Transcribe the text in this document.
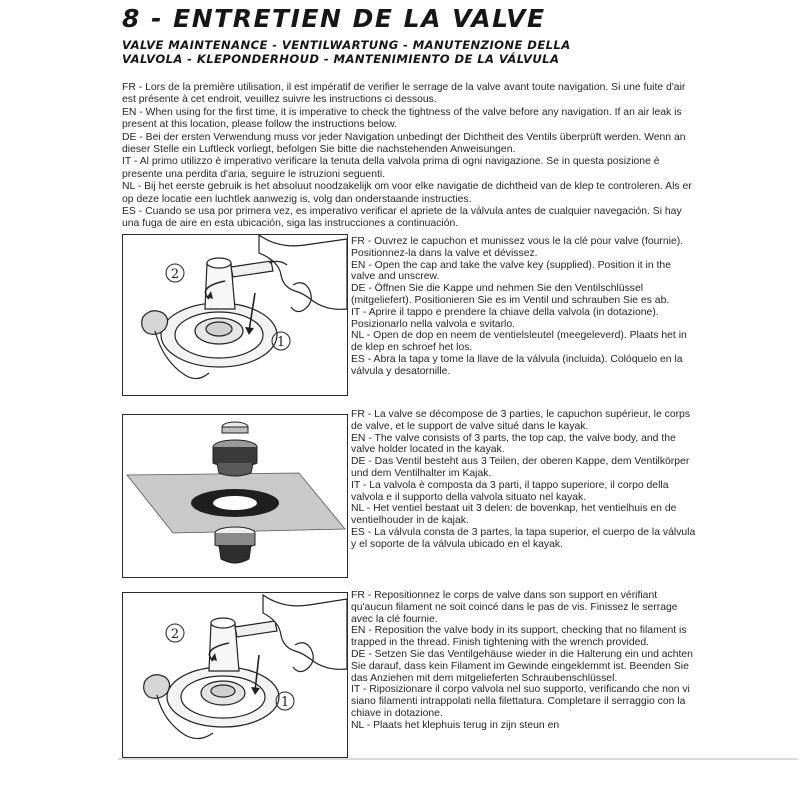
8 - ENTRETIEN DE LA VALVE
VALVE MAINTENANCE - VENTILWARTUNG - MANUTENZIONE DELLA
VALVOLA - KLEPONDERHOUD - MANTENIMIENTO DE LA VÁLVULA

FR - Lors de la première utilisation, il est impératif de verifier le serrage de la valve avant toute navigation. Si une fuite d'air est présente à cet endroit, veuillez suivre les instructions ci dessous.

EN - When using for the first time, it is imperative to check the tightness of the valve before any navigation. If an air leak is present at this location, please follow the instructions below.

DE - Bei der ersten Verwendung muss vor jeder Navigation unbedingt der Dichtheit des Ventils überprüft werden. Wenn an dieser Stelle ein Luftleck vorliegt, befolgen Sie bitte die nachstehenden Anweisungen.

IT - Al primo utilizzo è imperativo verificare la tenuta della valvola prima di ogni navigazione. Se in questa posizione è presente una perdita d'aria, seguire le istruzioni seguenti.

NL - Bij het eerste gebruik is het absoluut noodzakelijk om voor elke navigatie de dichtheid van de klep te controleren. Als er op deze locatie een luchtlek aanwezig is, volg dan onderstaande instructies.

ES - Cuando se usa por primera vez, es imperativo verificar el apriete de la válvula antes de cualquier navegación. Si hay una fuga de aire en esta ubicación, siga las instrucciones a continuación.

2
1

FR - Ouvrez le capuchon et munissez vous le la clé pour valve (fournie). Positionnez-la dans la valve et dévissez.

EN - Open the cap and take the valve key (supplied). Position it in the valve and unscrew.

DE - Öffnen Sie die Kappe und nehmen Sie den Ventilschlüssel (mitgeliefert). Positionieren Sie es im Ventil und schrauben Sie es ab.

IT - Aprire il tappo e prendere la chiave della valvola (in dotazione). Posizionarlo nella valvola e svitarlo.

NL - Open de dop en neem de ventielsleutel (meegeleverd). Plaats het in de klep en schroef het los.

ES - Abra la tapa y tome la llave de la válvula (incluida). Colóquelo en la válvula y desatornille.

FR - La valve se décompose de 3 parties, le capuchon supérieur, le corps de valve, et le support de valve situé dans le kayak.

EN - The valve consists of 3 parts, the top cap, the valve body, and the valve holder located in the kayak.

DE - Das Ventil besteht aus 3 Teilen, der oberen Kappe, dem Ventilkörper und dem Ventilhalter im Kajak.

IT - La valvola è composta da 3 parti, il tappo superiore, il corpo della valvola e il supporto della valvola situato nel kayak.

NL - Het ventiel bestaat uit 3 delen: de bovenkap, het ventielhuis en de ventielhouder in de kajak.

ES - La válvula consta de 3 partes, la tapa superior, el cuerpo de la válvula y el soporte de la válvula ubicado en el kayak.

2
1

FR - Repositionnez le corps de valve dans son support en vérifiant qu'aucun filament ne soit coincé dans le pas de vis. Finissez le serrage avec la clé fournie.

EN - Reposition the valve body in its support, checking that no filament is trapped in the thread. Finish tightening with the wrench provided.

DE - Setzen Sie das Ventilgehäuse wieder in die Halterung ein und achten Sie darauf, dass kein Filament im Gewinde eingeklemmt ist. Beenden Sie das Anziehen mit dem mitgelieferten Schraubenschlüssel.

IT - Riposizionare il corpo valvola nel suo supporto, verificando che non vi siano filamenti intrappolati nella filettatura. Completare il serraggio con la chiave in dotazione.

NL - Plaats het klephuis terug in zijn steun en
